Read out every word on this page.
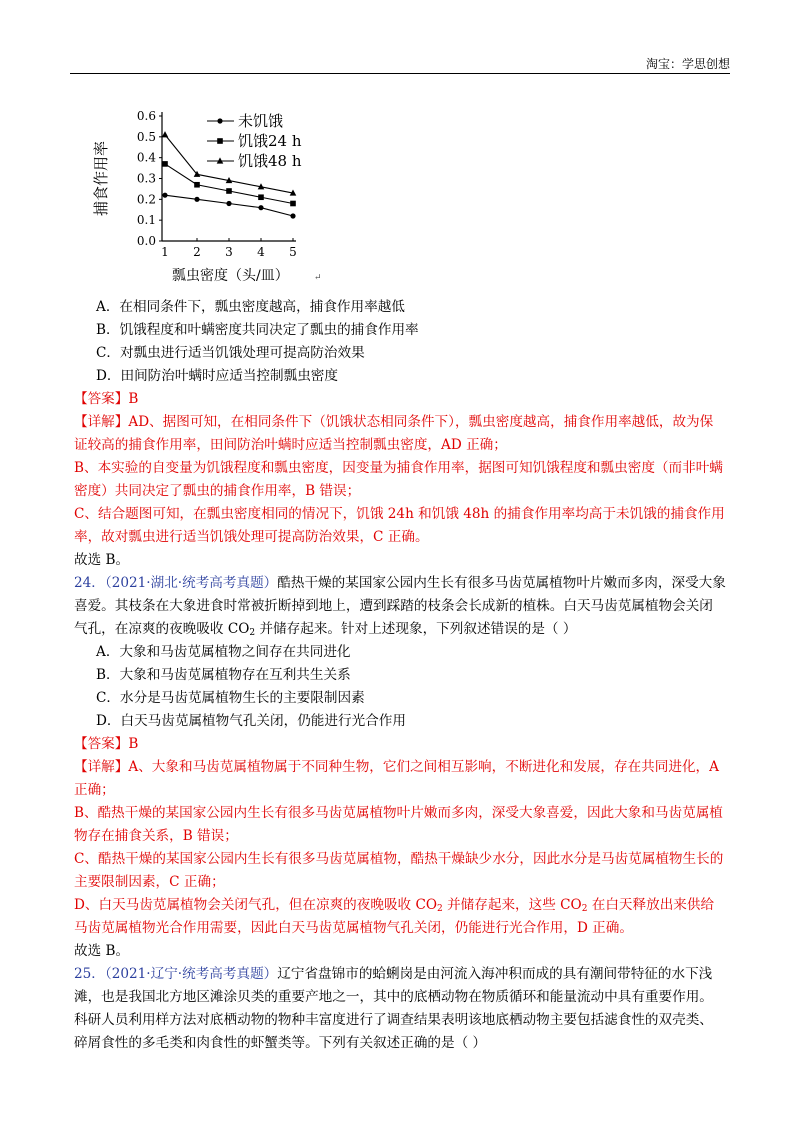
淘宝：学思创想
0.0
0.1
0.2
0.3
0.4
0.5
0.6
1 2 3 4 5
捕食作用率
瓢虫密度（头/皿）	↵
未饥饿
饥饿24 h
饥饿48 h
A．在相同条件下，瓢虫密度越高，捕食作用率越低
B．饥饿程度和叶螨密度共同决定了瓢虫的捕食作用率
C．对瓢虫进行适当饥饿处理可提高防治效果
D．田间防治叶螨时应适当控制瓢虫密度

【答案】B

【详解】AD、据图可知，在相同条件下（饥饿状态相同条件下），瓢虫密度越高，捕食作用率越低，故为保证较高的捕食作用率，田间防治叶螨时应适当控制瓢虫密度，AD 正确；

B、本实验的自变量为饥饿程度和瓢虫密度，因变量为捕食作用率，据图可知饥饿程度和瓢虫密度（而非叶螨密度）共同决定了瓢虫的捕食作用率，B 错误；

C、结合题图可知，在瓢虫密度相同的情况下，饥饿 24h 和饥饿 48h 的捕食作用率均高于未饥饿的捕食作用率，故对瓢虫进行适当饥饿处理可提高防治效果，C 正确。

故选 B。

24．（2021·湖北·统考高考真题）酷热干燥的某国家公园内生长有很多马齿苋属植物叶片嫩而多肉，深受大象喜爱。其枝条在大象进食时常被折断掉到地上，遭到踩踏的枝条会长成新的植株。白天马齿苋属植物会关闭气孔，在凉爽的夜晚吸收 $CO_2$ 并储存起来。针对上述现象，下列叙述错误的是（ ）

A．大象和马齿苋属植物之间存在共同进化
B．大象和马齿苋属植物存在互利共生关系
C．水分是马齿苋属植物生长的主要限制因素
D．白天马齿苋属植物气孔关闭，仍能进行光合作用

【答案】B

【详解】A、大象和马齿苋属植物属于不同种生物，它们之间相互影响，不断进化和发展，存在共同进化，A 正确；

B、酷热干燥的某国家公园内生长有很多马齿苋属植物叶片嫩而多肉，深受大象喜爱，因此大象和马齿苋属植物存在捕食关系，B 错误；

C、酷热干燥的某国家公园内生长有很多马齿苋属植物，酷热干燥缺少水分，因此水分是马齿苋属植物生长的主要限制因素，C 正确；

D、白天马齿苋属植物会关闭气孔，但在凉爽的夜晚吸收 $CO_2$ 并储存起来，这些 $CO_2$ 在白天释放出来供给马齿苋属植物光合作用需要，因此白天马齿苋属植物气孔关闭，仍能进行光合作用，D 正确。

故选 B。

25．（2021·辽宁·统考高考真题）辽宁省盘锦市的蛤蜊岗是由河流入海冲积而成的具有潮间带特征的水下浅滩，也是我国北方地区滩涂贝类的重要产地之一，其中的底栖动物在物质循环和能量流动中具有重要作用。科研人员利用样方法对底栖动物的物种丰富度进行了调查结果表明该地底栖动物主要包括滤食性的双壳类、碎屑食性的多毛类和肉食性的虾蟹类等。下列有关叙述正确的是（ ）
